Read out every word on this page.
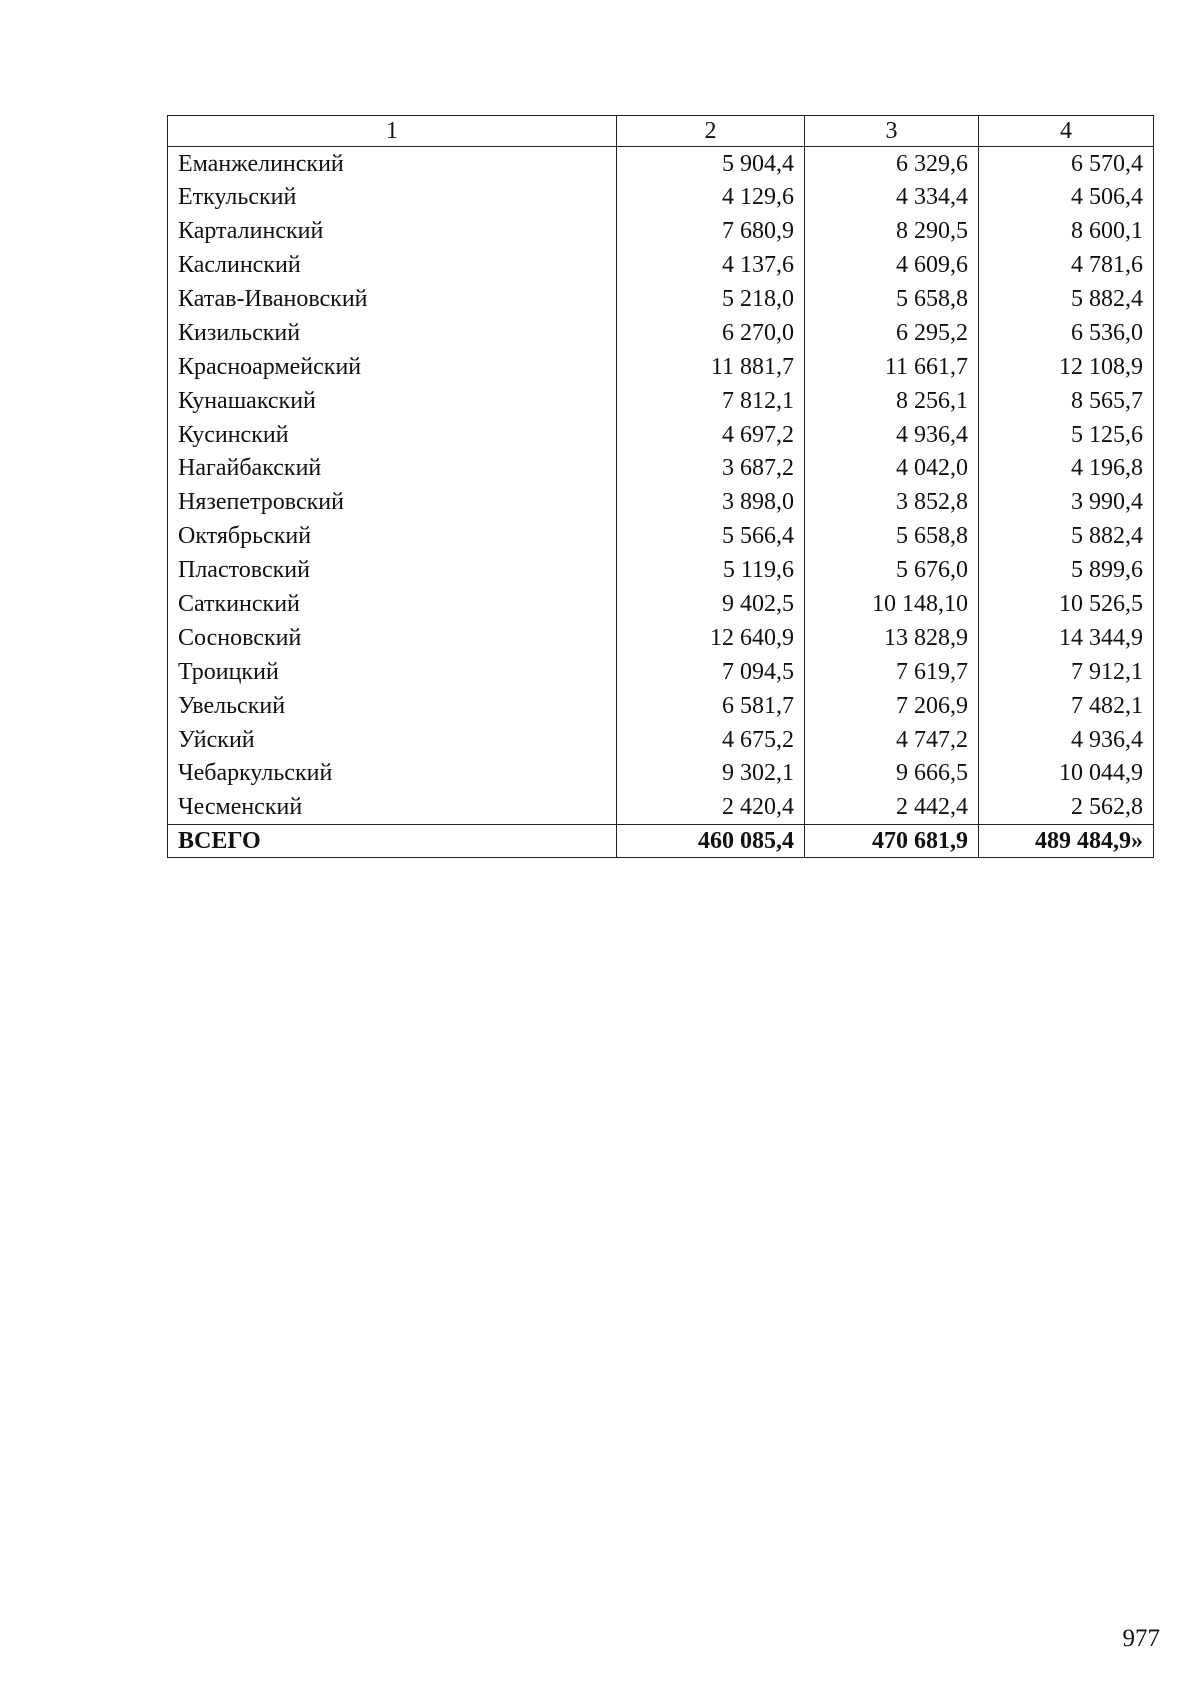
1	2	3	4
Еманжелинский	5 904,4	6 329,6	6 570,4
Еткульский	4 129,6	4 334,4	4 506,4
Карталинский	7 680,9	8 290,5	8 600,1
Каслинский	4 137,6	4 609,6	4 781,6
Катав-Ивановский	5 218,0	5 658,8	5 882,4
Кизильский	6 270,0	6 295,2	6 536,0
Красноармейский	11 881,7	11 661,7	12 108,9
Кунашакский	7 812,1	8 256,1	8 565,7
Кусинский	4 697,2	4 936,4	5 125,6
Нагайбакский	3 687,2	4 042,0	4 196,8
Нязепетровский	3 898,0	3 852,8	3 990,4
Октябрьский	5 566,4	5 658,8	5 882,4
Пластовский	5 119,6	5 676,0	5 899,6
Саткинский	9 402,5	10 148,10	10 526,5
Сосновский	12 640,9	13 828,9	14 344,9
Троицкий	7 094,5	7 619,7	7 912,1
Увельский	6 581,7	7 206,9	7 482,1
Уйский	4 675,2	4 747,2	4 936,4
Чебаркульский	9 302,1	9 666,5	10 044,9
Чесменский	2 420,4	2 442,4	2 562,8
ВСЕГО	460 085,4	470 681,9	489 484,9»
977
